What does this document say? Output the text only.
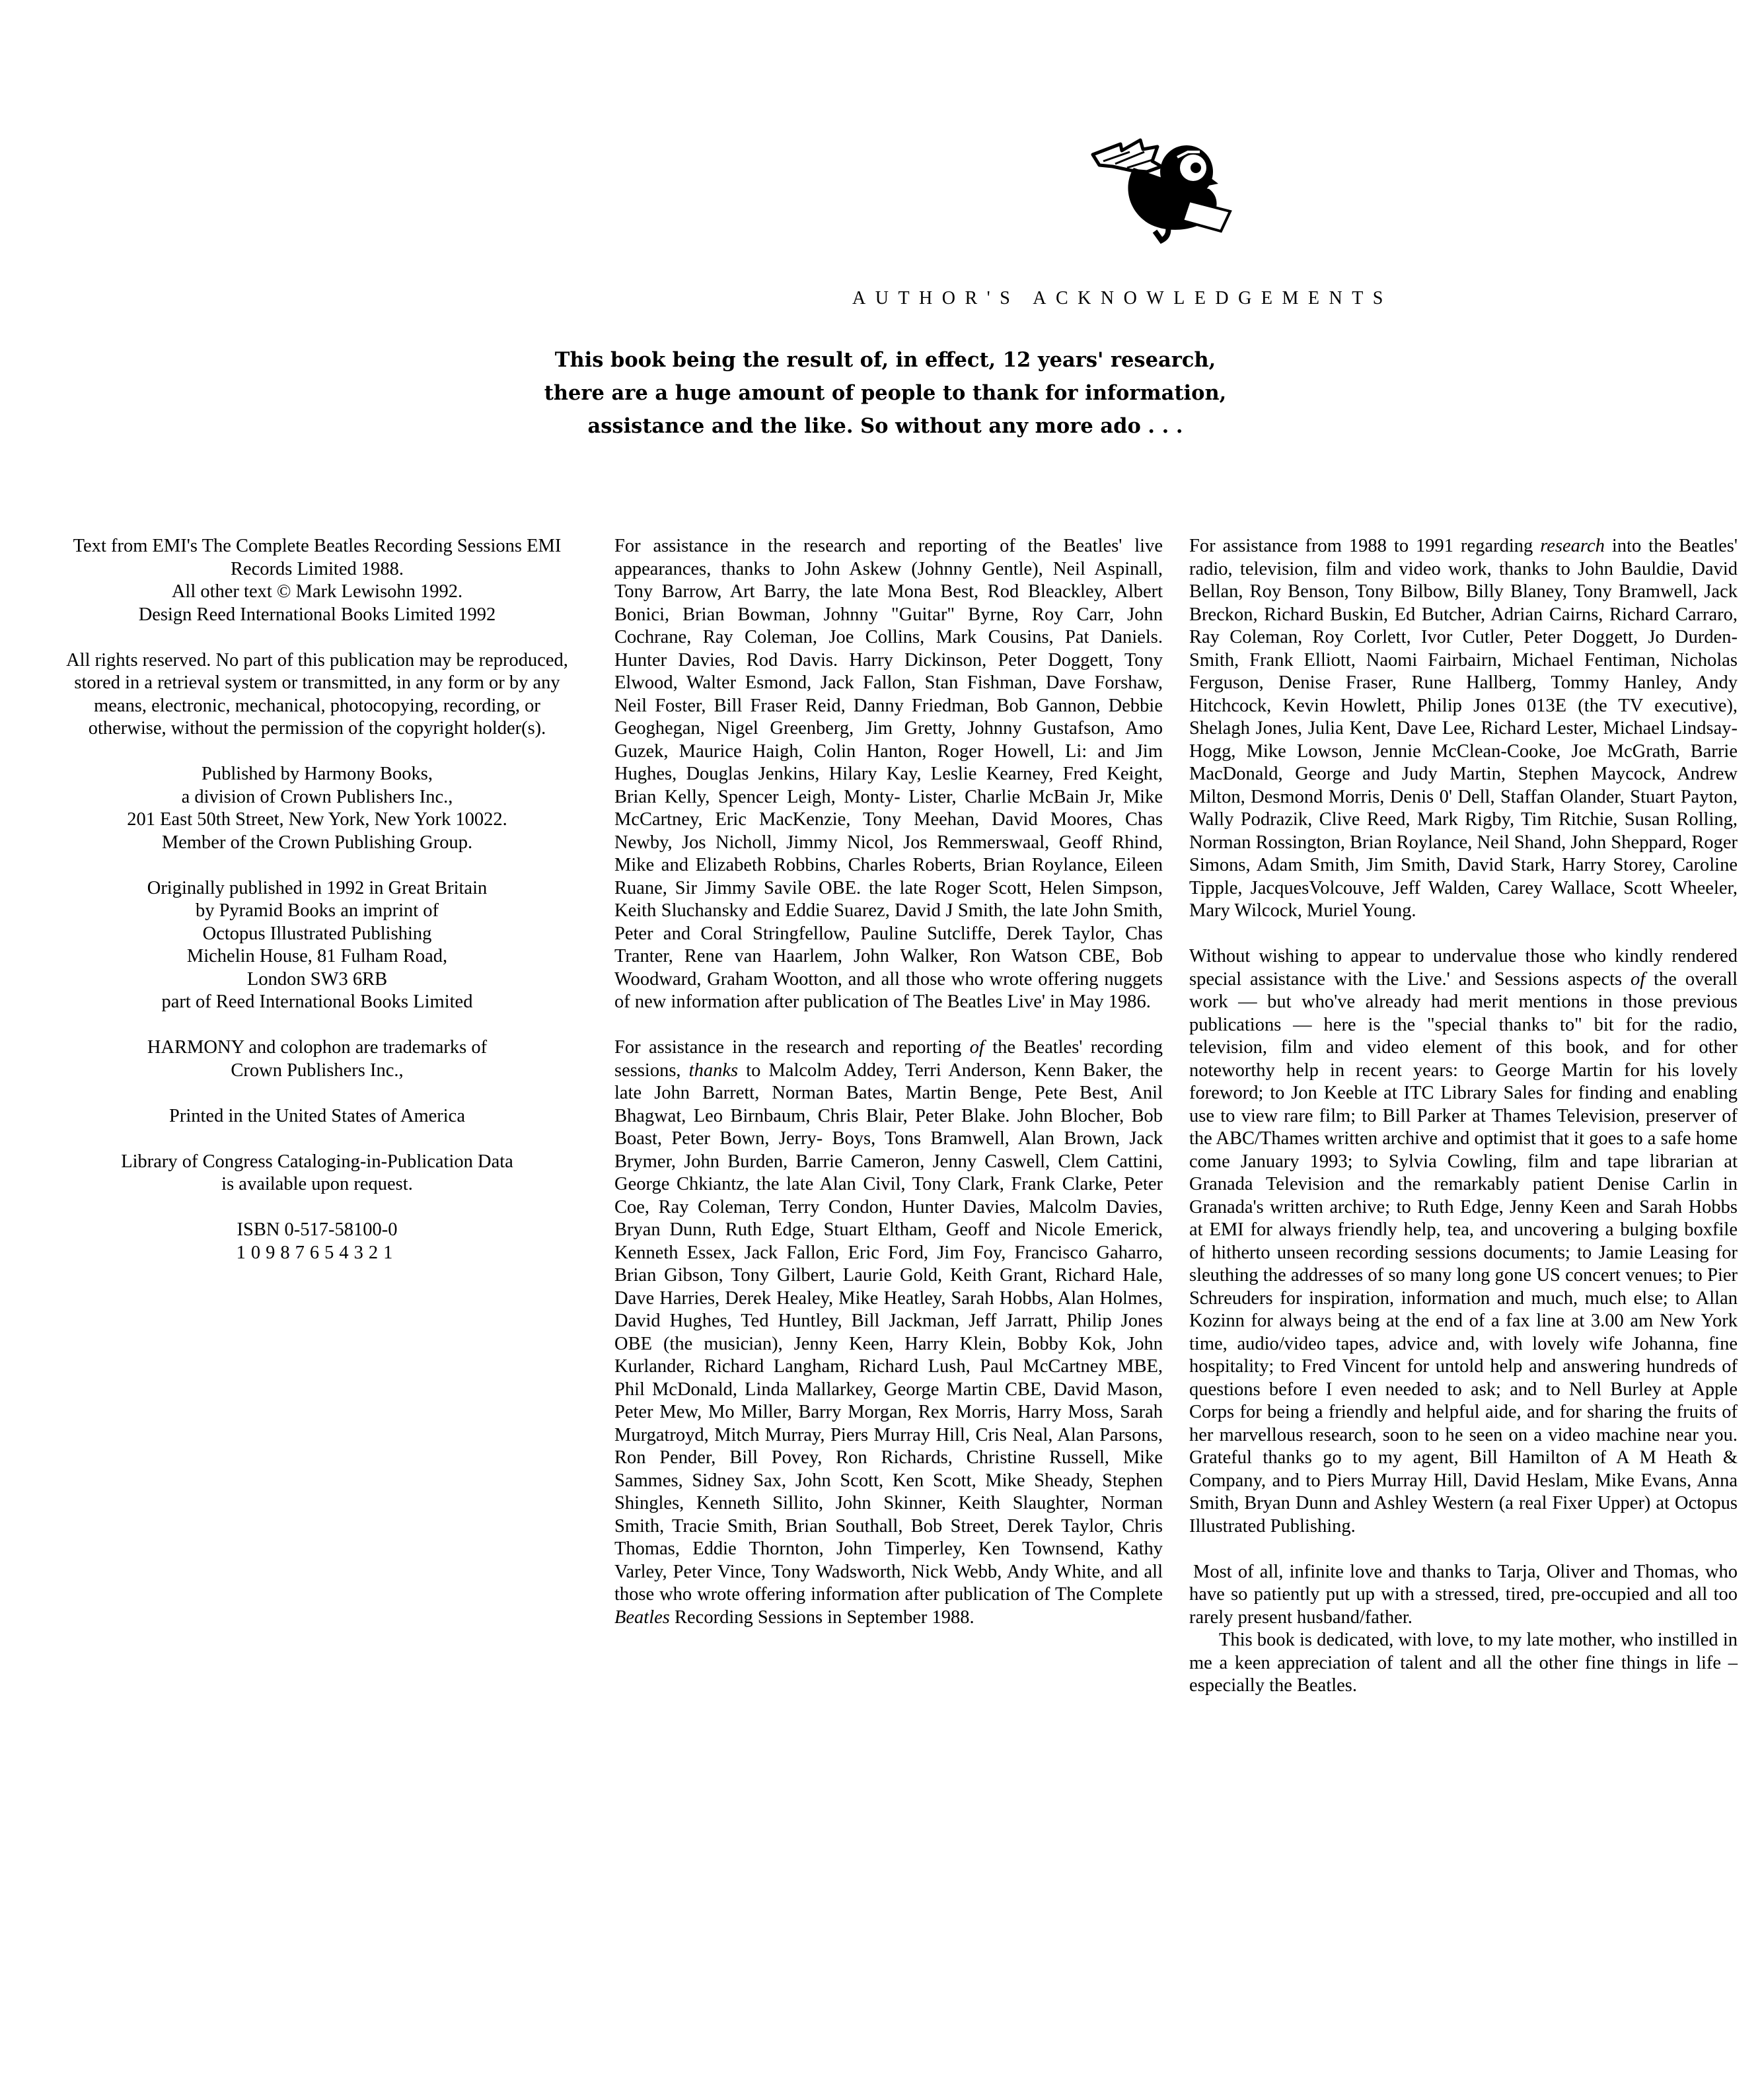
AUTHOR'S ACKNOWLEDGEMENTS
This book being the result of, in effect, 12 years' research,
there are a huge amount of people to thank for information,
assistance and the like. So without any more ado . . .

Text from EMI's The Complete Beatles Recording Sessions EMI Records Limited 1988.
All other text © Mark Lewisohn 1992.
Design Reed International Books Limited 1992

All rights reserved. No part of this publication may be reproduced, stored in a retrieval system or transmitted, in any form or by any means, electronic, mechanical, photocopying, recording, or otherwise, without the permission of the copyright holder(s).

Published by Harmony Books,
a division of Crown Publishers Inc.,
201 East 50th Street, New York, New York 10022.
Member of the Crown Publishing Group.

Originally published in 1992 in Great Britain
by Pyramid Books an imprint of
Octopus Illustrated Publishing
Michelin House, 81 Fulham Road,
London SW3 6RB
part of Reed International Books Limited

HARMONY and colophon are trademarks of
Crown Publishers Inc.,

Printed in the United States of America

Library of Congress Cataloging-in-Publication Data
is available upon request.

ISBN 0-517-58100-0

10987654321

For assistance in the research and reporting of the Beatles' live appearances, thanks to John Askew (Johnny Gentle), Neil Aspinall, Tony Barrow, Art Barry, the late Mona Best, Rod Bleackley, Albert Bonici, Brian Bowman, Johnny "Guitar" Byrne, Roy Carr, John Cochrane, Ray Coleman, Joe Collins, Mark Cousins, Pat Daniels. Hunter Davies, Rod Davis. Harry Dickinson, Peter Doggett, Tony Elwood, Walter Esmond, Jack Fallon, Stan Fishman, Dave Forshaw, Neil Foster, Bill Fraser Reid, Danny Friedman, Bob Gannon, Debbie Geoghegan, Nigel Greenberg, Jim Gretty, Johnny Gustafson, Amo Guzek, Maurice Haigh, Colin Hanton, Roger Howell, Li: and Jim Hughes, Douglas Jenkins, Hilary Kay, Leslie Kearney, Fred Keight, Brian Kelly, Spencer Leigh, Monty- Lister, Charlie McBain Jr, Mike McCartney, Eric MacKenzie, Tony Meehan, David Moores, Chas Newby, Jos Nicholl, Jimmy Nicol, Jos Remmerswaal, Geoff Rhind, Mike and Elizabeth Robbins, Charles Roberts, Brian Roylance, Eileen Ruane, Sir Jimmy Savile OBE. the late Roger Scott, Helen Simpson, Keith Sluchansky and Eddie Suarez, David J Smith, the late John Smith, Peter and Coral Stringfellow, Pauline Sutcliffe, Derek Taylor, Chas Tranter, Rene van Haarlem, John Walker, Ron Watson CBE, Bob Woodward, Graham Wootton, and all those who wrote offering nuggets of new information after publication of The Beatles Live' in May 1986.

For assistance in the research and reporting of the Beatles' recording sessions, thanks to Malcolm Addey, Terri Anderson, Kenn Baker, the late John Barrett, Norman Bates, Martin Benge, Pete Best, Anil Bhagwat, Leo Birnbaum, Chris Blair, Peter Blake. John Blocher, Bob Boast, Peter Bown, Jerry- Boys, Tons Bramwell, Alan Brown, Jack Brymer, John Burden, Barrie Cameron, Jenny Caswell, Clem Cattini, George Chkiantz, the late Alan Civil, Tony Clark, Frank Clarke, Peter Coe, Ray Coleman, Terry Condon, Hunter Davies, Malcolm Davies, Bryan Dunn, Ruth Edge, Stuart Eltham, Geoff and Nicole Emerick, Kenneth Essex, Jack Fallon, Eric Ford, Jim Foy, Francisco Gaharro, Brian Gibson, Tony Gilbert, Laurie Gold, Keith Grant, Richard Hale, Dave Harries, Derek Healey, Mike Heatley, Sarah Hobbs, Alan Holmes, David Hughes, Ted Huntley, Bill Jackman, Jeff Jarratt, Philip Jones OBE (the musician), Jenny Keen, Harry Klein, Bobby Kok, John Kurlander, Richard Langham, Richard Lush, Paul McCartney MBE, Phil McDonald, Linda Mallarkey, George Martin CBE, David Mason, Peter Mew, Mo Miller, Barry Morgan, Rex Morris, Harry Moss, Sarah Murgatroyd, Mitch Murray, Piers Murray Hill, Cris Neal, Alan Parsons, Ron Pender, Bill Povey, Ron Richards, Christine Russell, Mike Sammes, Sidney Sax, John Scott, Ken Scott, Mike Sheady, Stephen Shingles, Kenneth Sillito, John Skinner, Keith Slaughter, Norman Smith, Tracie Smith, Brian Southall, Bob Street, Derek Taylor, Chris Thomas, Eddie Thornton, John Timperley, Ken Townsend, Kathy Varley, Peter Vince, Tony Wadsworth, Nick Webb, Andy White, and all those who wrote offering information after publication of The Complete Beatles Recording Sessions in September 1988.

For assistance from 1988 to 1991 regarding research into the Beatles' radio, television, film and video work, thanks to John Bauldie, David Bellan, Roy Benson, Tony Bilbow, Billy Blaney, Tony Bramwell, Jack Breckon, Richard Buskin, Ed Butcher, Adrian Cairns, Richard Carraro, Ray Coleman, Roy Corlett, Ivor Cutler, Peter Doggett, Jo Durden-Smith, Frank Elliott, Naomi Fairbairn, Michael Fentiman, Nicholas Ferguson, Denise Fraser, Rune Hallberg, Tommy Hanley, Andy Hitchcock, Kevin Howlett, Philip Jones 013E (the TV executive), Shelagh Jones, Julia Kent, Dave Lee, Richard Lester, Michael Lindsay-Hogg, Mike Lowson, Jennie McClean-Cooke, Joe McGrath, Barrie MacDonald, George and Judy Martin, Stephen Maycock, Andrew Milton, Desmond Morris, Denis 0' Dell, Staffan Olander, Stuart Payton, Wally Podrazik, Clive Reed, Mark Rigby, Tim Ritchie, Susan Rolling, Norman Rossington, Brian Roylance, Neil Shand, John Sheppard, Roger Simons, Adam Smith, Jim Smith, David Stark, Harry Storey, Caroline Tipple, JacquesVolcouve, Jeff Walden, Carey Wallace, Scott Wheeler, Mary Wilcock, Muriel Young.

Without wishing to appear to undervalue those who kindly rendered special assistance with the Live.' and Sessions aspects of the overall work — but who've already had merit mentions in those previous publications — here is the "special thanks to" bit for the radio, television, film and video element of this book, and for other noteworthy help in recent years: to George Martin for his lovely foreword; to Jon Keeble at ITC Library Sales for finding and enabling use to view rare film; to Bill Parker at Thames Television, preserver of the ABC/Thames written archive and optimist that it goes to a safe home come January 1993; to Sylvia Cowling, film and tape librarian at Granada Television and the remarkably patient Denise Carlin in Granada's written archive; to Ruth Edge, Jenny Keen and Sarah Hobbs at EMI for always friendly help, tea, and uncovering a bulging boxfile of hitherto unseen recording sessions documents; to Jamie Leasing for sleuthing the addresses of so many long gone US concert venues; to Pier Schreuders for inspiration, information and much, much else; to Allan Kozinn for always being at the end of a fax line at 3.00 am New York time, audio/video tapes, advice and, with lovely wife Johanna, fine hospitality; to Fred Vincent for untold help and answering hundreds of questions before I even needed to ask; and to Nell Burley at Apple Corps for being a friendly and helpful aide, and for sharing the fruits of her marvellous research, soon to he seen on a video machine near you. Grateful thanks go to my agent, Bill Hamilton of A M Heath & Company, and to Piers Murray Hill, David Heslam, Mike Evans, Anna Smith, Bryan Dunn and Ashley Western (a real Fixer Upper) at Octopus Illustrated Publishing.

Most of all, infinite love and thanks to Tarja, Oliver and Thomas, who have so patiently put up with a stressed, tired, pre-occupied and all too rarely present husband/father.

This book is dedicated, with love, to my late mother, who instilled in me a keen appreciation of talent and all the other fine things in life – especially the Beatles.
